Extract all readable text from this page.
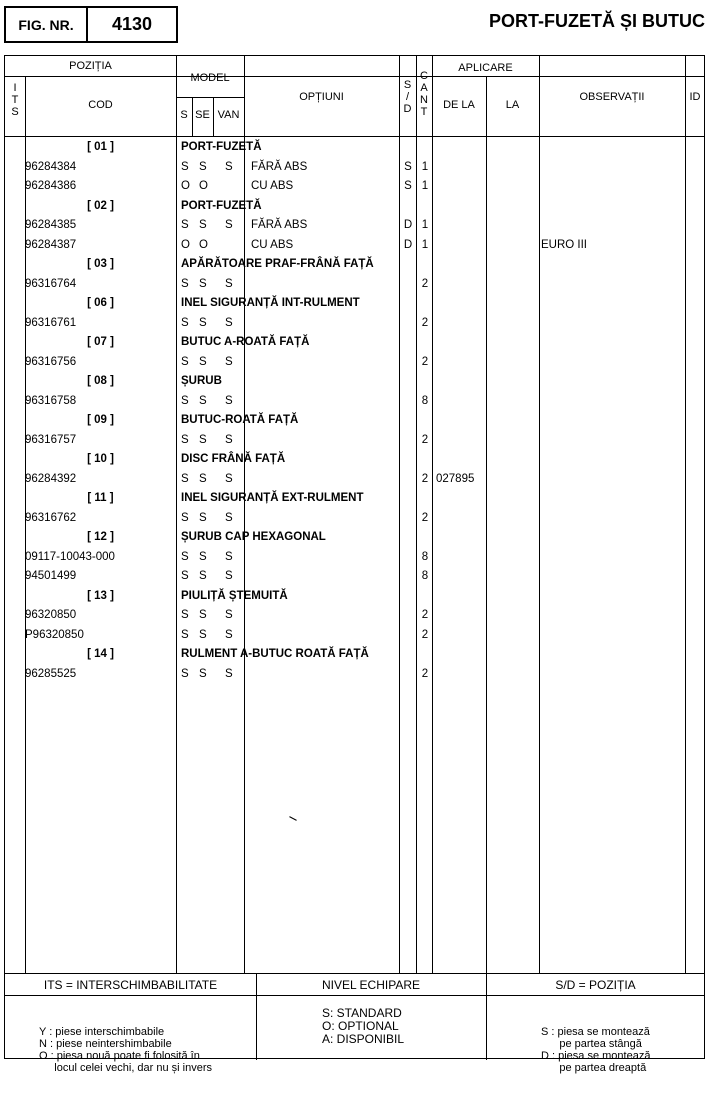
FIG. NR.	4130	PORT-FUZETĂ ȘI BUTUC
POZIȚIA
I
T
S
COD
MODEL
S SE VAN
OPȚIUNI
S
/
D
C
A
N
T
APLICARE
DE LA	LA
OBSERVAȚII	ID
[ 01 ]	PORT-FUZETĂ
96284384	S S S FĂRĂ ABS	S 1
96284386	O O	CU ABS	S 1
[ 02 ]	PORT-FUZETĂ
96284385	S S S FĂRĂ ABS	D 1
96284387	O O	CU ABS	D 1	EURO III
[ 03 ]	APĂRĂTOARE PRAF-FRÂNĂ FAȚĂ
96316764	S S S	2
[ 06 ]	INEL SIGURANȚĂ INT-RULMENT
96316761	S S S	2
[ 07 ]	BUTUC A-ROATĂ FAȚĂ
96316756	S S S	2
[ 08 ]	ȘURUB
96316758	S S S	8
[ 09 ]	BUTUC-ROATĂ FAȚĂ
96316757	S S S	2
[ 10 ]	DISC FRÂNĂ FAȚĂ
96284392	S S S	2 027895
[ 11 ]	INEL SIGURANȚĂ EXT-RULMENT
96316762	S S S	2
[ 12 ]	ȘURUB CAP HEXAGONAL
09117-10043-000	S S S	8
94501499	S S S	8
[ 13 ]	PIULIȚĂ ȘTEMUITĂ
96320850	S S S	2
P96320850	S S S	2
[ 14 ]	RULMENT A-BUTUC ROATĂ FAȚĂ
96285525	S S S	2
ITS = INTERSCHIMBABILITATE	NIVEL ECHIPARE	S/D = POZIȚIA

Y : piese interschimbabile
N : piese neintershimbabile
O : piesa nouă poate fi folosită în
locul celei vechi, dar nu și invers

S: STANDARD
O: OPTIONAL
A: DISPONIBIL

	S : piesa se montează
pe partea stângă
D : piesa se montează
pe partea dreaptă
